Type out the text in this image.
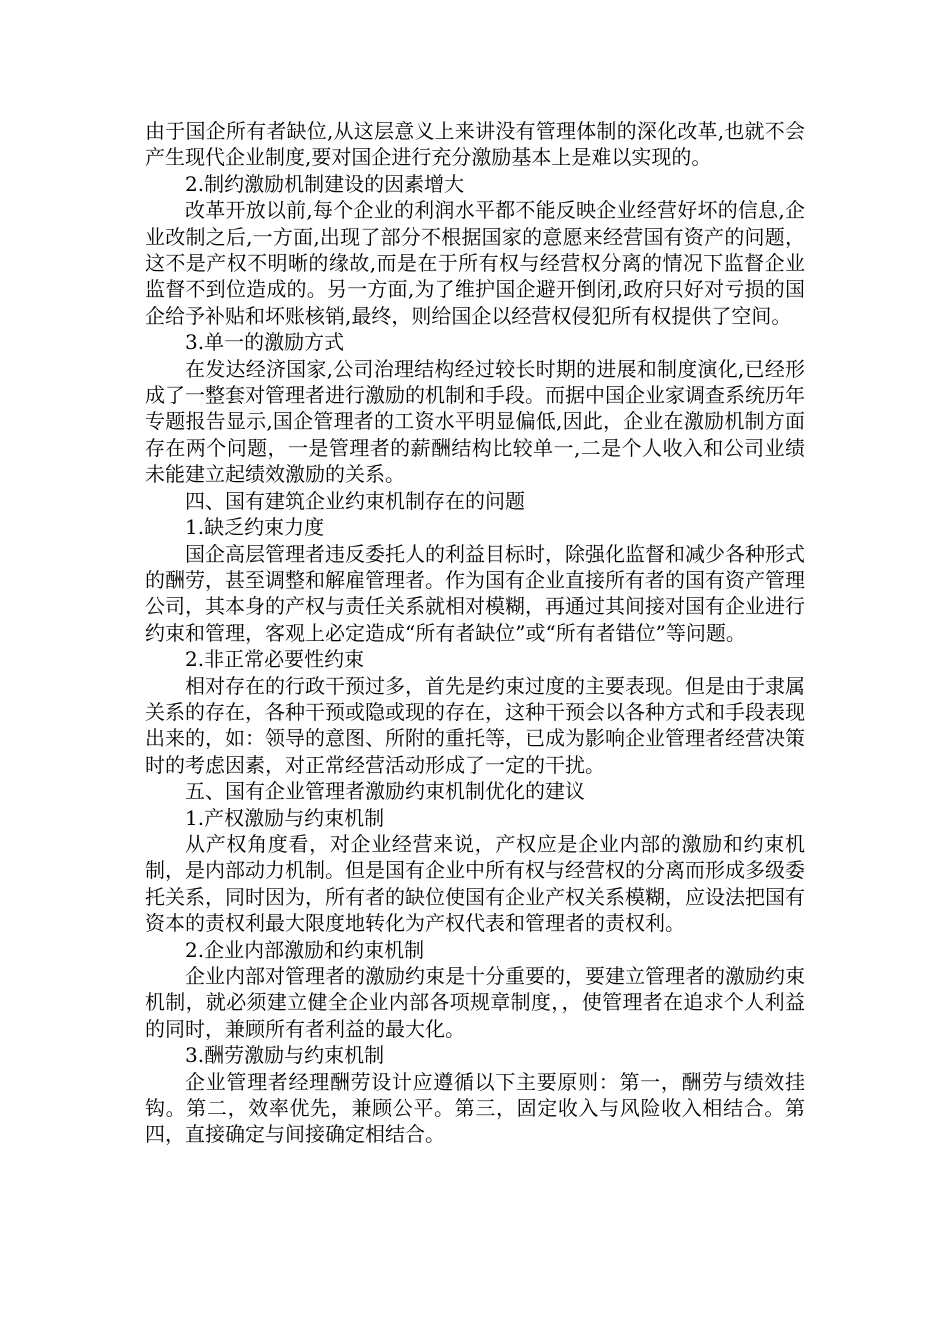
由于国企所有者缺位,从这层意义上来讲没有管理体制的深化改革,也就不会产生现代企业制度,要对国企进行充分激励基本上是难以实现的。

2.制约激励机制建设的因素增大

改革开放以前,每个企业的利润水平都不能反映企业经营好坏的信息,企业改制之后,一方面,出现了部分不根据国家的意愿来经营国有资产的问题，这不是产权不明晰的缘故,而是在于所有权与经营权分离的情况下监督企业监督不到位造成的。另一方面,为了维护国企避开倒闭,政府只好对亏损的国企给予补贴和坏账核销,最终，则给国企以经营权侵犯所有权提供了空间。

3.单一的激励方式

在发达经济国家,公司治理结构经过较长时期的进展和制度演化,已经形成了一整套对管理者进行激励的机制和手段。而据中国企业家调查系统历年专题报告显示,国企管理者的工资水平明显偏低,因此，企业在激励机制方面存在两个问题，一是管理者的薪酬结构比较单一,二是个人收入和公司业绩未能建立起绩效激励的关系。

四、国有建筑企业约束机制存在的问题

1.缺乏约束力度

国企高层管理者违反委托人的利益目标时，除强化监督和减少各种形式的酬劳，甚至调整和解雇管理者。作为国有企业直接所有者的国有资产管理公司，其本身的产权与责任关系就相对模糊，再通过其间接对国有企业进行约束和管理，客观上必定造成“所有者缺位”或“所有者错位”等问题。

2.非正常必要性约束

相对存在的行政干预过多，首先是约束过度的主要表现。但是由于隶属关系的存在，各种干预或隐或现的存在，这种干预会以各种方式和手段表现出来的，如：领导的意图、所附的重托等，已成为影响企业管理者经营决策时的考虑因素，对正常经营活动形成了一定的干扰。

五、国有企业管理者激励约束机制优化的建议

1.产权激励与约束机制

从产权角度看，对企业经营来说，产权应是企业内部的激励和约束机制，是内部动力机制。但是国有企业中所有权与经营权的分离而形成多级委托关系，同时因为，所有者的缺位使国有企业产权关系模糊，应设法把国有资本的责权利最大限度地转化为产权代表和管理者的责权利。

2.企业内部激励和约束机制

企业内部对管理者的激励约束是十分重要的，要建立管理者的激励约束机制，就必须建立健全企业内部各项规章制度，，使管理者在追求个人利益的同时，兼顾所有者利益的最大化。

3.酬劳激励与约束机制

企业管理者经理酬劳设计应遵循以下主要原则：第一，酬劳与绩效挂钩。第二，效率优先，兼顾公平。第三，固定收入与风险收入相结合。第四，直接确定与间接确定相结合。
